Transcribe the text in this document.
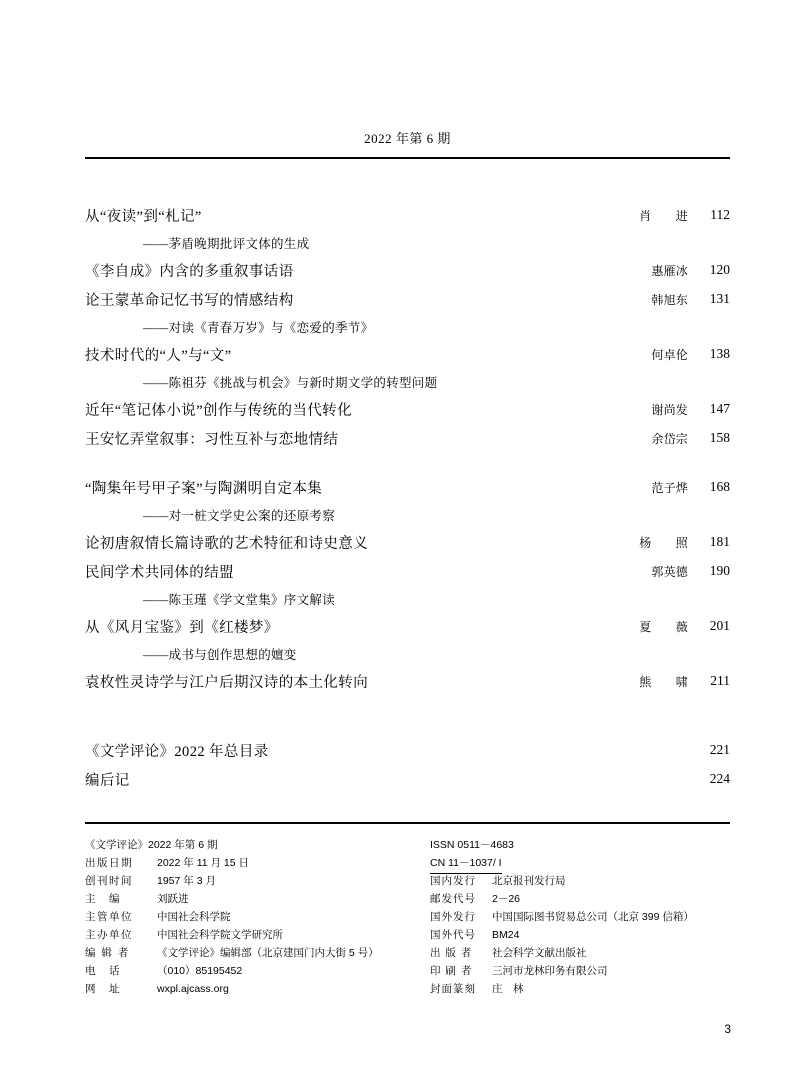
2022 年第 6 期
从“夜读”到“札记”	肖　　进	112
——茅盾晚期批评文体的生成
《李自成》内含的多重叙事话语	惠雁冰	120
论王蒙革命记忆书写的情感结构	韩旭东	131
——对读《青春万岁》与《恋爱的季节》
技术时代的“人”与“文”	何卓伦	138
——陈祖芬《挑战与机会》与新时期文学的转型问题
近年“笔记体小说”创作与传统的当代转化	谢尚发	147
王安忆弄堂叙事：习性互补与恋地情结	余岱宗	158
“陶集年号甲子案”与陶渊明自定本集	范子烨	168
——对一桩文学史公案的还原考察
论初唐叙情长篇诗歌的艺术特征和诗史意义	杨　　照	181
民间学术共同体的结盟	郭英德	190
——陈玉瑾《学文堂集》序文解读
从《风月宝鉴》到《红楼梦》	夏　　薇	201
——成书与创作思想的嬗变
袁枚性灵诗学与江户后期汉诗的本土化转向	熊　　啸	211
《文学评论》2022 年总目录	221
编后记	224
《文学评论》2022 年第 6 期
出版日期 2022 年 11 月 15 日
创刊时间 1957 年 3 月
主　编	刘跃进
主管单位 中国社会科学院
主办单位 中国社会科学院文学研究所
编 辑 者	《文学评论》编辑部（北京建国门内大街 5 号）
电　话	（010）85195452
网　址	wxpl.ajcass.org
ISSN 0511－4683
CN 11－1037/ I
国内发行 北京报刊发行局
邮发代号 2－26
国外发行 中国国际图书贸易总公司（北京 399 信箱）
国外代号 BM24
出 版 者 社会科学文献出版社
印 刷 者 三河市龙林印务有限公司
封面篆刻 庄　林
3
